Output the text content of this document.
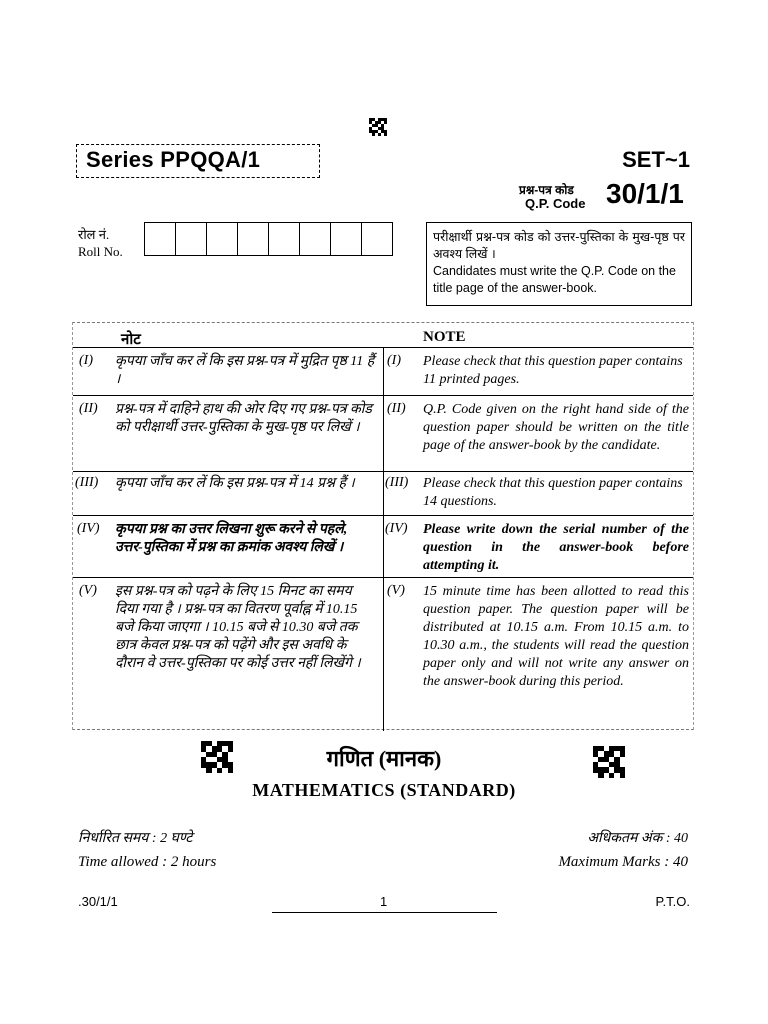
Series PPQQA/1	SET~1
प्रश्न-पत्र कोड
Q.P. Code 30/1/1
रोल नं.
Roll No.
परीक्षार्थी प्रश्न-पत्र कोड को उत्तर-पुस्तिका के मुख-पृष्ठ पर अवश्य लिखें ।
Candidates must write the Q.P. Code on the title page of the answer-book.
नोट	NOTE
(I) कृपया जाँच कर लें कि इस प्रश्न-पत्र में मुद्रित पृष्ठ 11 हैं ।
(I) Please check that this question paper contains 11 printed pages.
(II) प्रश्न-पत्र में दाहिने हाथ की ओर दिए गए प्रश्न-पत्र कोड को परीक्षार्थी उत्तर-पुस्तिका के मुख-पृष्ठ पर लिखें ।
(II) Q.P. Code given on the right hand side of the question paper should be written on the title page of the answer-book by the candidate.
(III) कृपया जाँच कर लें कि इस प्रश्न-पत्र में 14 प्रश्न हैं ।	(III) Please check that this question paper contains 14 questions.
(IV) कृपया प्रश्न का उत्तर लिखना शुरू करने से पहले, उत्तर-पुस्तिका में प्रश्न का क्रमांक अवश्य लिखें ।
(IV) Please write down the serial number of the question in the answer-book before attempting it.
(V) इस प्रश्न-पत्र को पढ़ने के लिए 15 मिनट का समय दिया गया है । प्रश्न-पत्र का वितरण पूर्वाह्न में 10.15 बजे किया जाएगा । 10.15 बजे से 10.30 बजे तक छात्र केवल प्रश्न-पत्र को पढ़ेंगे और इस अवधि के दौरान वे उत्तर-पुस्तिका पर कोई उत्तर नहीं लिखेंगे ।
(V) 15 minute time has been allotted to read this question paper. The question paper will be distributed at 10.15 a.m. From 10.15 a.m. to 10.30 a.m., the students will read the question paper only and will not write any answer on the answer-book during this period.
गणित (मानक)
MATHEMATICS (STANDARD)
निर्धारित समय : 2 घण्टे	अधिकतम अंक : 40
Time allowed : 2 hours	Maximum Marks : 40
.30/1/1	1	P.T.O.
